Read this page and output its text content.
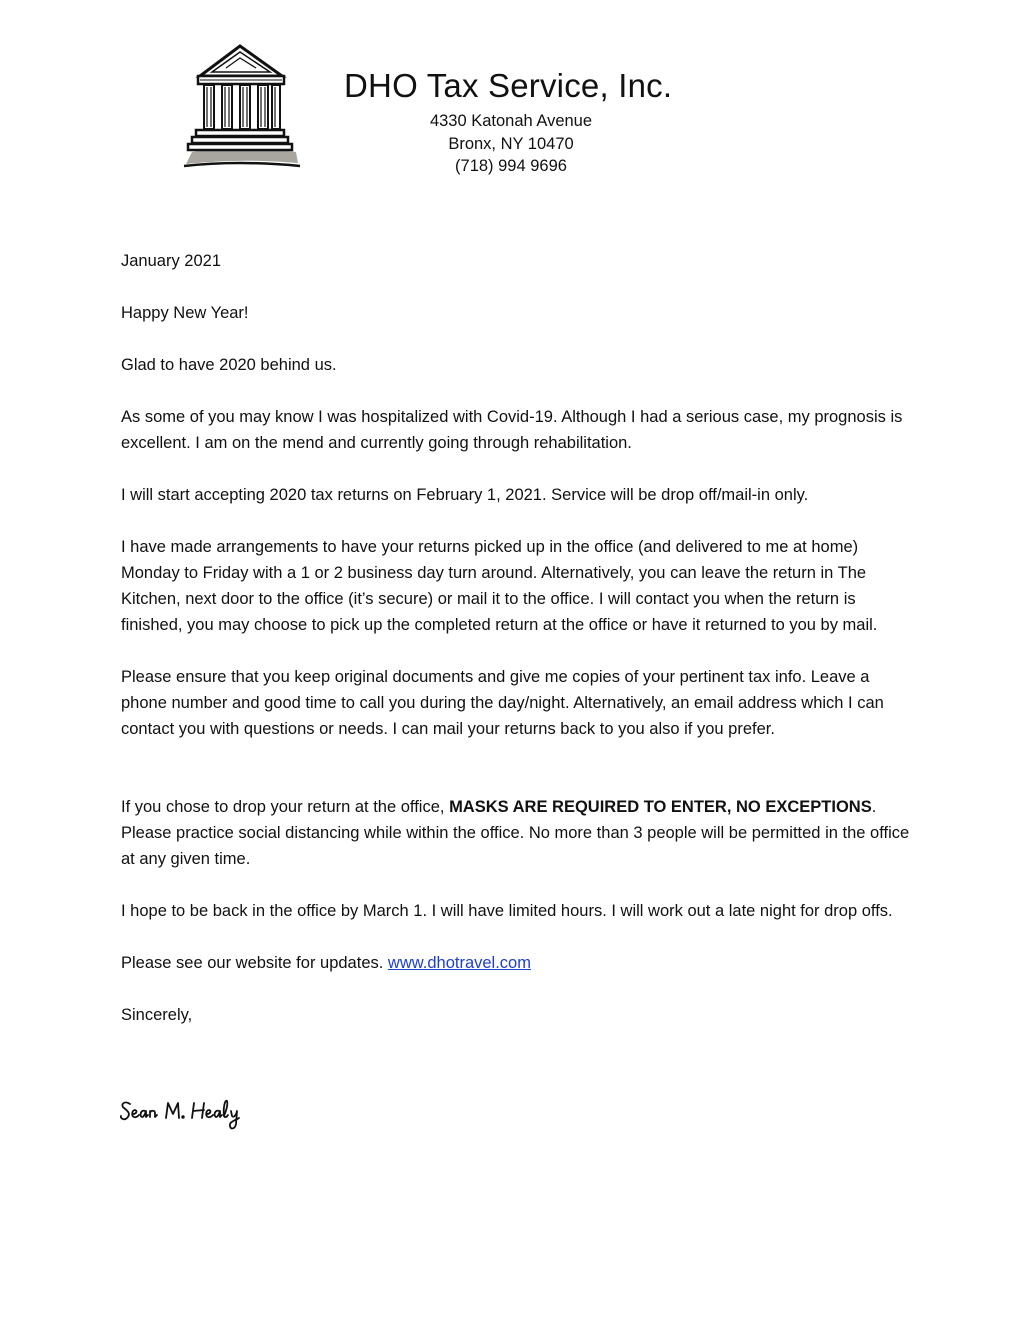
DHO Tax Service, Inc.
4330 Katonah Avenue
Bronx, NY 10470
(718) 994 9696

January 2021

Happy New Year!

Glad to have 2020 behind us.

As some of you may know I was hospitalized with Covid-19. Although I had a serious case, my prognosis is excellent. I am on the mend and currently going through rehabilitation.

I will start accepting 2020 tax returns on February 1, 2021. Service will be drop off/mail-in only.

I have made arrangements to have your returns picked up in the office (and delivered to me at home) Monday to Friday with a 1 or 2 business day turn around. Alternatively, you can leave the return in The Kitchen, next door to the office (it’s secure) or mail it to the office. I will contact you when the return is finished, you may choose to pick up the completed return at the office or have it returned to you by mail.

Please ensure that you keep original documents and give me copies of your pertinent tax info. Leave a phone number and good time to call you during the day/night. Alternatively, an email address which I can contact you with questions or needs. I can mail your returns back to you also if you prefer.

If you chose to drop your return at the office, MASKS ARE REQUIRED TO ENTER, NO EXCEPTIONS. Please practice social distancing while within the office. No more than 3 people will be permitted in the office at any given time.

I hope to be back in the office by March 1. I will have limited hours. I will work out a late night for drop offs.

Please see our website for updates. www.dhotravel.com

Sincerely,
